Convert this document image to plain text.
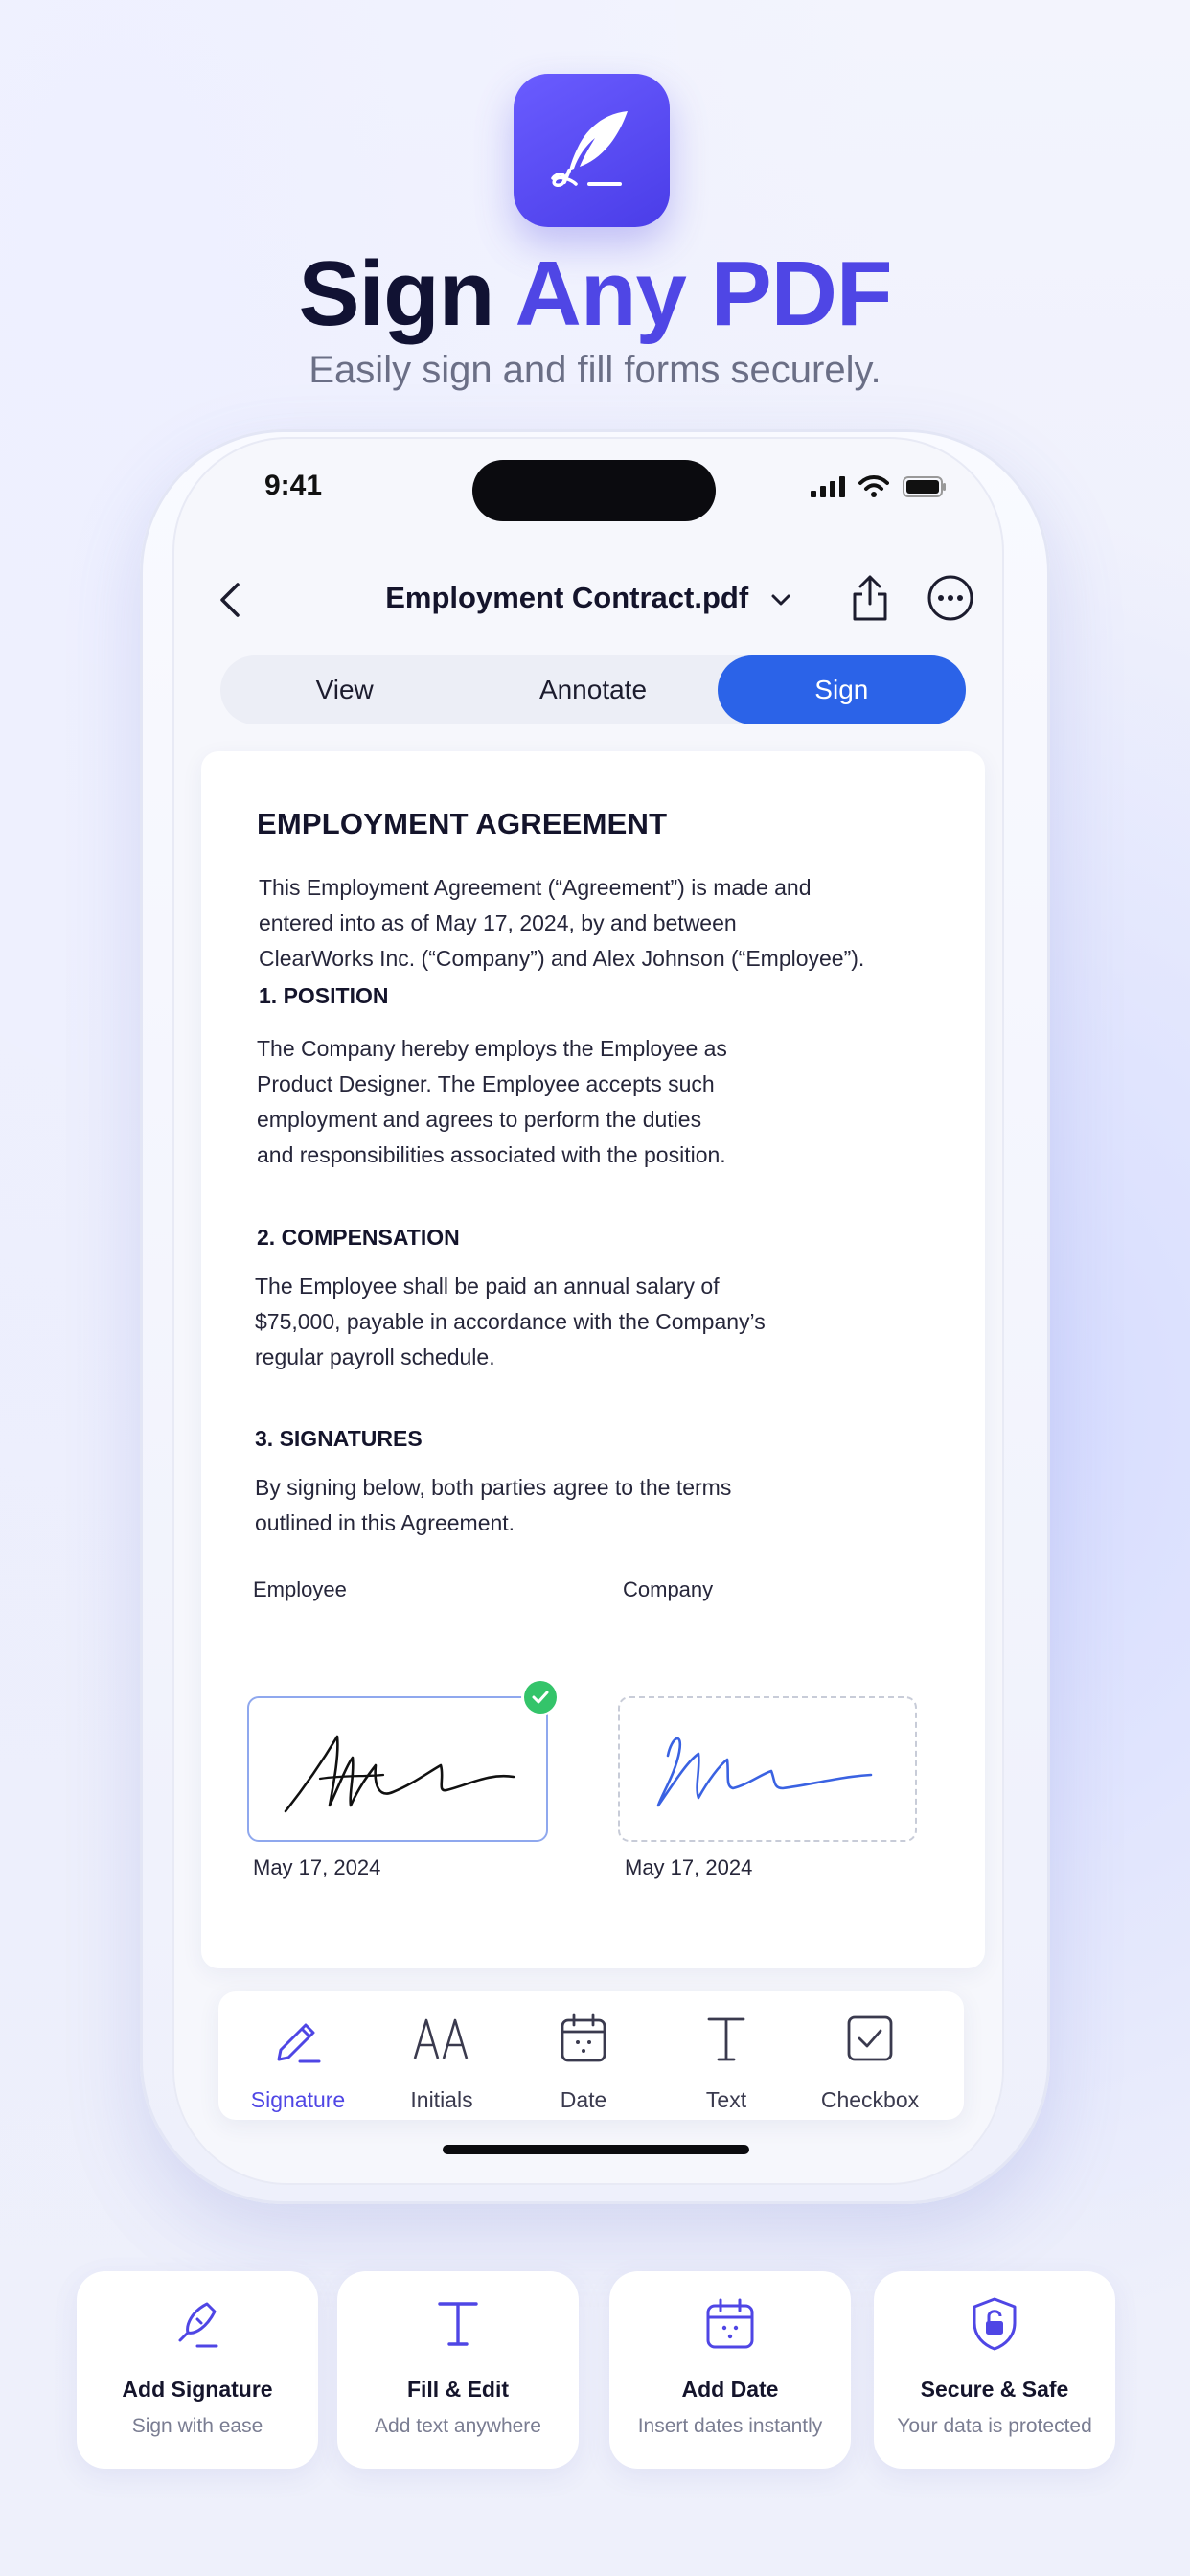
Sign Any PDF
Easily sign and fill forms securely.
9:41
Employment Contract.pdf
View	Annotate	Sign
EMPLOYMENT AGREEMENT
This Employment Agreement (“Agreement”) is made and
entered into as of May 17, 2024, by and between
ClearWorks Inc. (“Company”) and Alex Johnson (“Employee”).
1. POSITION
The Company hereby employs the Employee as
Product Designer. The Employee accepts such
employment and agrees to perform the duties
and responsibilities associated with the position.
2. COMPENSATION
The Employee shall be paid an annual salary of
$75,000, payable in accordance with the Company’s
regular payroll schedule.
3. SIGNATURES
By signing below, both parties agree to the terms
outlined in this Agreement.
Employee	Company
May 17, 2024	May 17, 2024
Signature	Initials	Date	Text	Checkbox
Add Signature
Sign with ease
Fill & Edit
Add text anywhere
Add Date
Insert dates instantly
Secure & Safe
Your data is protected
